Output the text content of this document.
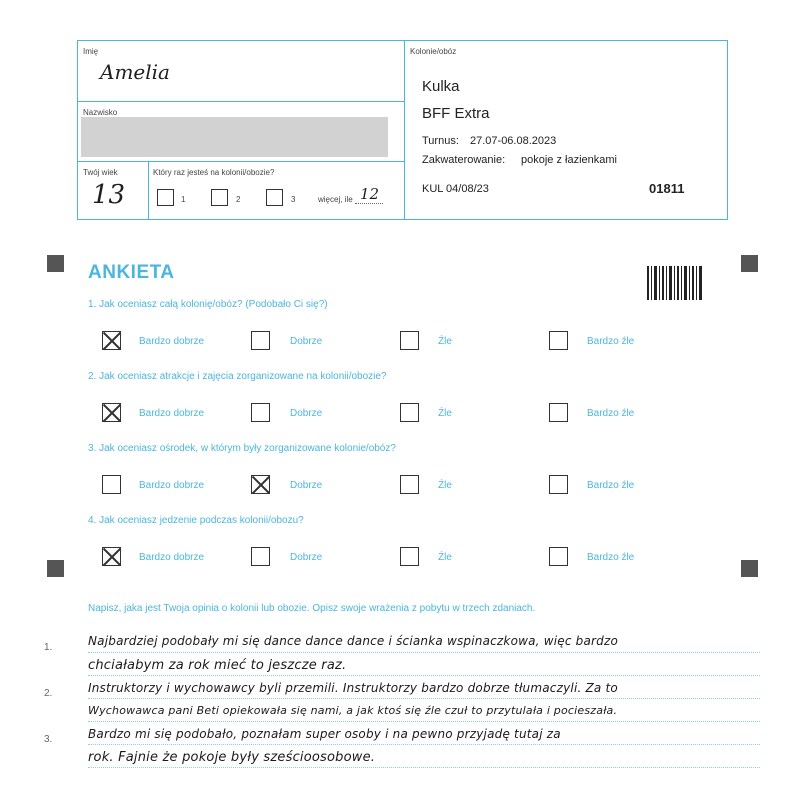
Imię
Amelia
Nazwisko
Twój wiek
13
Który raz jesteś na kolonii/obozie?
1	2	3	więcej, ile 12
Kolonie/obóz
Kulka
BFF Extra
Turnus: 27.07-06.08.2023
Zakwaterowanie: pokoje z łazienkami
KUL 04/08/23	01811
ANKIETA
1. Jak oceniasz całą kolonię/obóz? (Podobało Ci się?)
2. Jak oceniasz atrakcje i zajęcia zorganizowane na kolonii/obozie?
3. Jak oceniasz ośrodek, w którym były zorganizowane kolonie/obóz?
4. Jak oceniasz jedzenie podczas kolonii/obozu?
Bardzo dobrze	Dobrze	Źle	Bardzo źle
Bardzo dobrze	Dobrze	Źle	Bardzo źle
Bardzo dobrze	Dobrze	Źle	Bardzo źle
Bardzo dobrze	Dobrze	Źle	Bardzo źle
Napisz, jaka jest Twoja opinia o kolonii lub obozie. Opisz swoje wrażenia z pobytu w trzech zdaniach.
1.
2.
3.
Najbardziej podobały mi się dance dance dance i ścianka wspinaczkowa, więc bardzo
chciałabym za rok mieć to jeszcze raz.
Instruktorzy i wychowawcy byli przemili. Instruktorzy bardzo dobrze tłumaczyli. Za to
Wychowawca pani Beti opiekowała się nami, a jak ktoś się źle czuł to przytulała i pocieszała.
Bardzo mi się podobało, poznałam super osoby i na pewno przyjadę tutaj za
rok. Fajnie że pokoje były sześcioosobowe.
